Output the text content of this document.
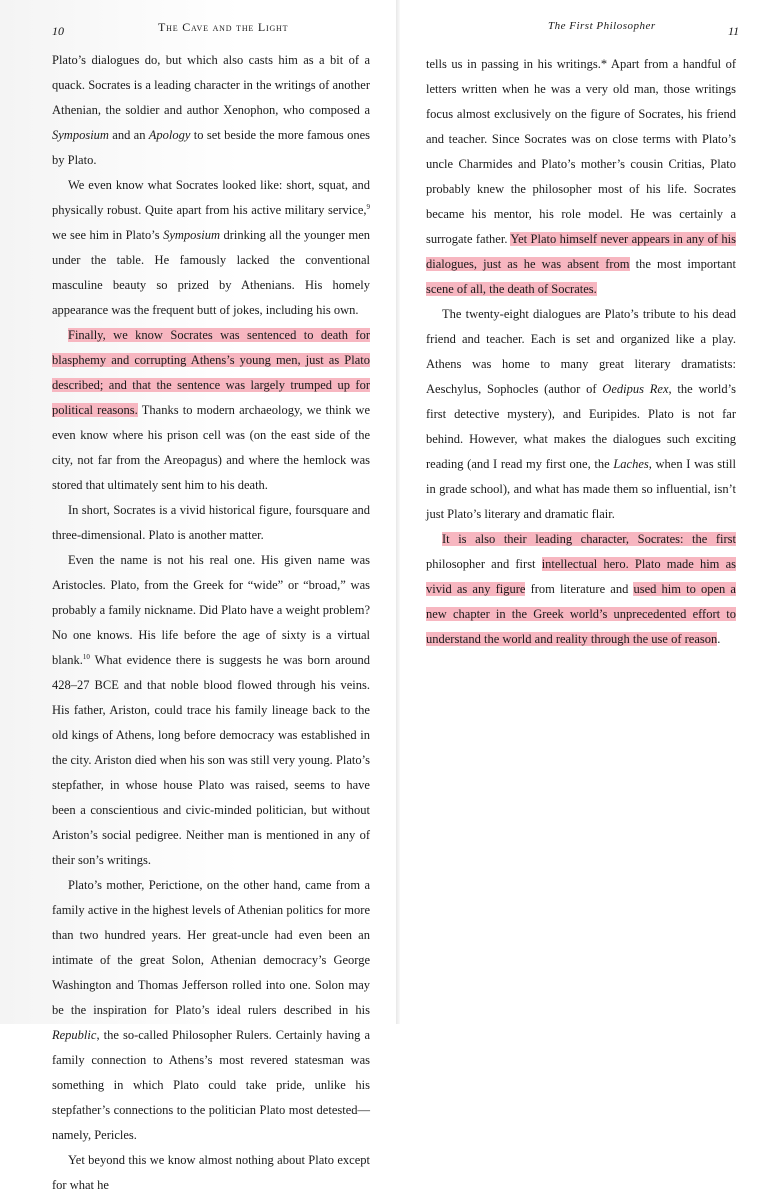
10	The Cave and the Light

Plato’s dialogues do, but which also casts him as a bit of a quack. Socrates is a leading character in the writings of another Athenian, the soldier and author Xenophon, who composed a Symposium and an Apology to set beside the more famous ones by Plato.

We even know what Socrates looked like: short, squat, and physically robust. Quite apart from his active military service,$^9$ we see him in Plato’s Symposium drinking all the younger men under the table. He famously lacked the conventional masculine beauty so prized by Athenians. His homely appearance was the frequent butt of jokes, including his own.

Finally, we know Socrates was sentenced to death for blasphemy and corrupting Athens’s young men, just as Plato described; and that the sentence was largely trumped up for political reasons. Thanks to modern archaeology, we think we even know where his prison cell was (on the east side of the city, not far from the Areopagus) and where the hemlock was stored that ultimately sent him to his death.

In short, Socrates is a vivid historical figure, foursquare and three-dimensional. Plato is another matter.

Even the name is not his real one. His given name was Aristocles. Plato, from the Greek for “wide” or “broad,” was probably a family nickname. Did Plato have a weight problem? No one knows. His life before the age of sixty is a virtual blank.$^{10}$ What evidence there is suggests he was born around 428–27 BCE and that noble blood flowed through his veins. His father, Ariston, could trace his family lineage back to the old kings of Athens, long before democracy was established in the city. Ariston died when his son was still very young. Plato’s stepfather, in whose house Plato was raised, seems to have been a conscientious and civic-minded politician, but without Ariston’s social pedigree. Neither man is mentioned in any of their son’s writings.

Plato’s mother, Perictione, on the other hand, came from a family active in the highest levels of Athenian politics for more than two hundred years. Her great-uncle had even been an intimate of the great Solon, Athenian democracy’s George Washington and Thomas Jefferson rolled into one. Solon may be the inspiration for Plato’s ideal rulers described in his Republic, the so-called Philosopher Rulers. Certainly having a family connection to Athens’s most revered statesman was something in which Plato could take pride, unlike his stepfather’s connections to the politician Plato most detested—namely, Pericles.

Yet beyond this we know almost nothing about Plato except for what he

The First Philosopher	11

tells us in passing in his writings.* Apart from a handful of letters written when he was a very old man, those writings focus almost exclusively on the figure of Socrates, his friend and teacher. Since Socrates was on close terms with Plato’s uncle Charmides and Plato’s mother’s cousin Critias, Plato probably knew the philosopher most of his life. Socrates became his mentor, his role model. He was certainly a surrogate father. Yet Plato himself never appears in any of his dialogues, just as he was absent from the most important scene of all, the death of Socrates.

The twenty-eight dialogues are Plato’s tribute to his dead friend and teacher. Each is set and organized like a play. Athens was home to many great literary dramatists: Aeschylus, Sophocles (author of Oedipus Rex, the world’s first detective mystery), and Euripides. Plato is not far behind. However, what makes the dialogues such exciting reading (and I read my first one, the Laches, when I was still in grade school), and what has made them so influential, isn’t just Plato’s literary and dramatic flair.

It is also their leading character, Socrates: the first philosopher and first intellectual hero. Plato made him as vivid as any figure from literature and used him to open a new chapter in the Greek world’s unprecedented effort to understand the world and reality through the use of reason.
